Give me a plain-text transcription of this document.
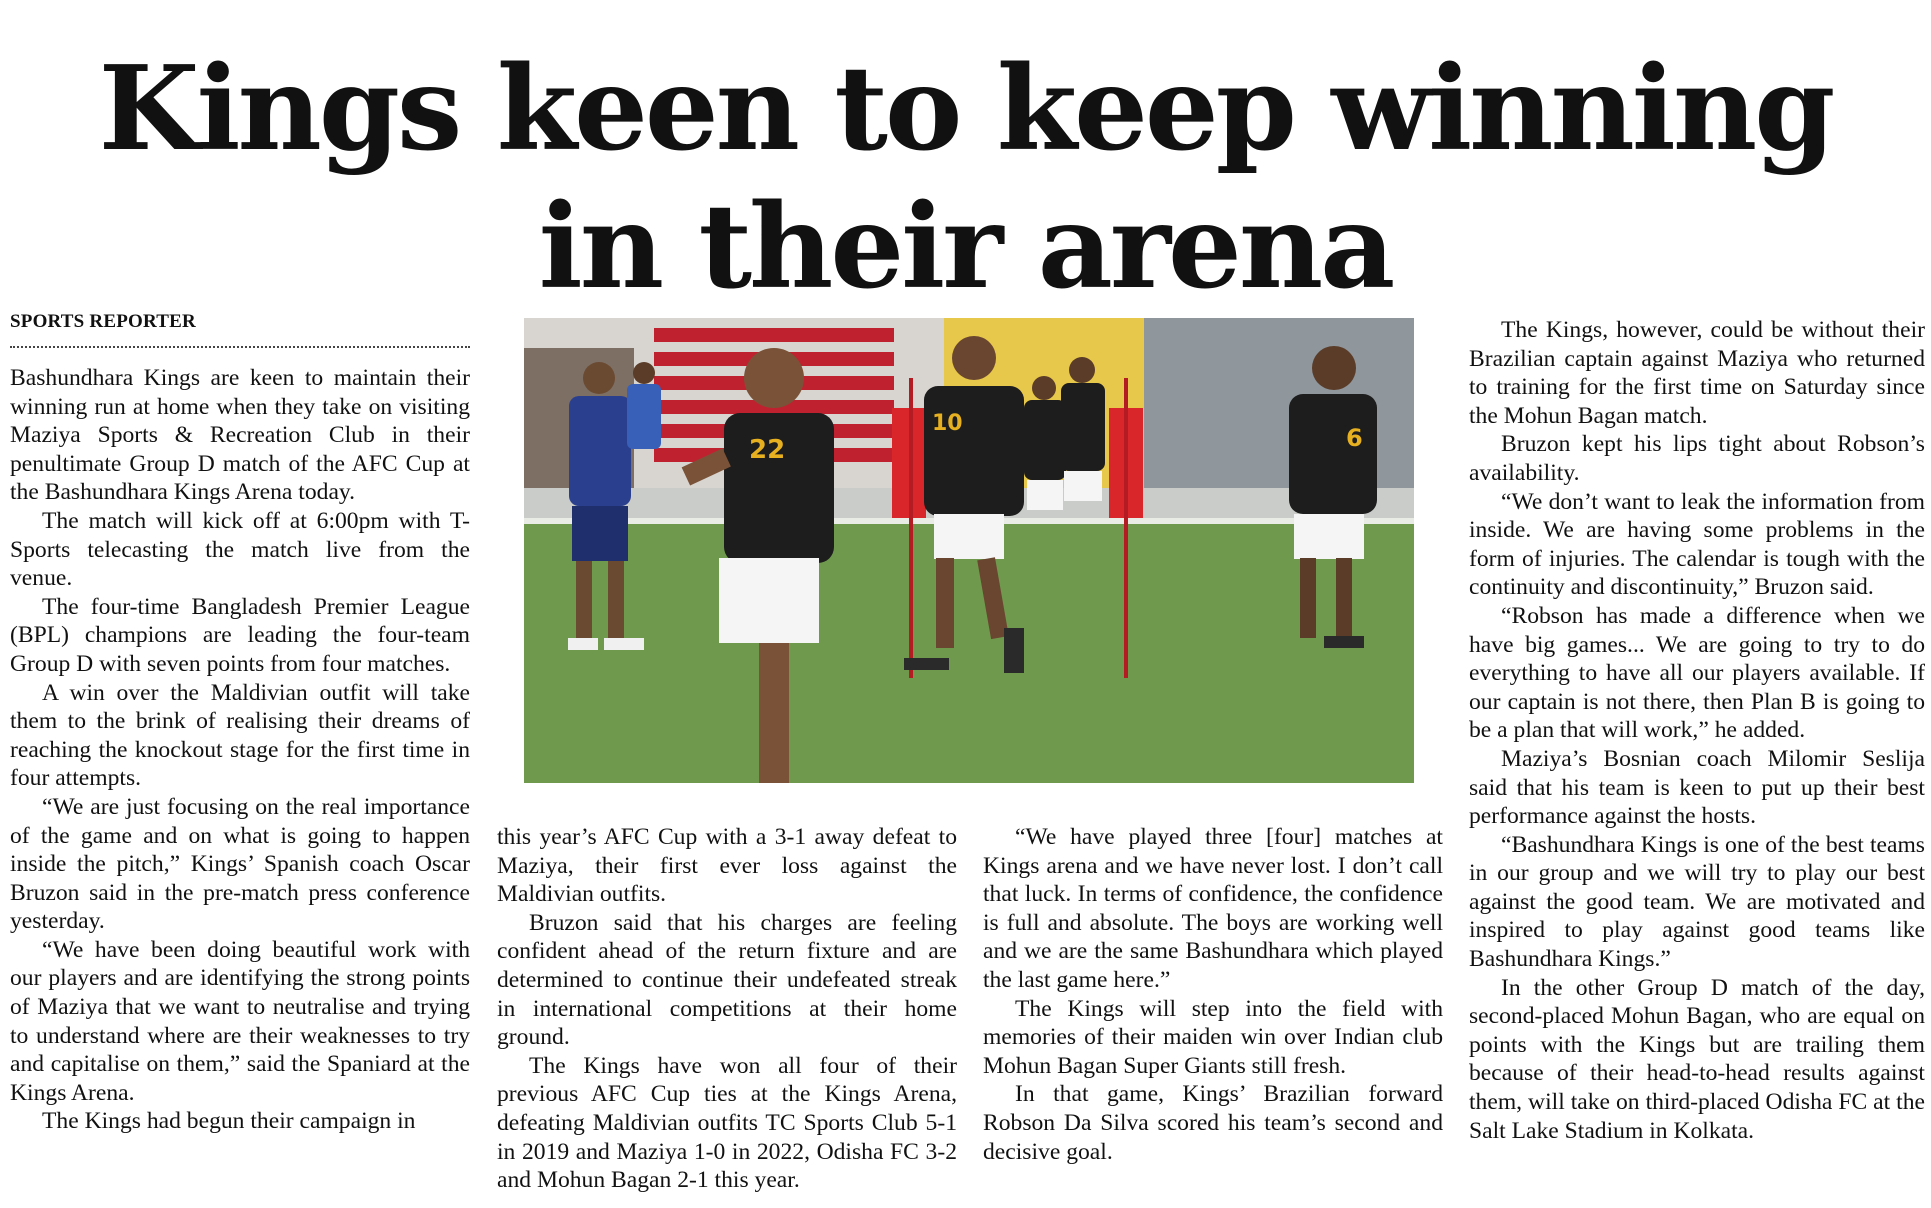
Kings keen to keep winning
in their arena
SPORTS REPORTER

Bashundhara Kings are keen to maintain their winning run at home when they take on visiting Maziya Sports & Recreation Club in their penultimate Group D match of the AFC Cup at the Bashundhara Kings Arena today.

The match will kick off at 6:00pm with T-Sports telecasting the match live from the venue.

The four-time Bangladesh Premier League (BPL) champions are leading the four-team Group D with seven points from four matches.

A win over the Maldivian outfit will take them to the brink of realising their dreams of reaching the knockout stage for the first time in four attempts.

“We are just focusing on the real importance of the game and on what is going to happen inside the pitch,” Kings’ Spanish coach Oscar Bruzon said in the pre-match press conference yesterday.

“We have been doing beautiful work with our players and are identifying the strong points of Maziya that we want to neutralise and trying to understand where are their weaknesses to try and capitalise on them,” said the Spaniard at the Kings Arena.

The Kings had begun their campaign in

22
10
6

this year’s AFC Cup with a 3-1 away defeat to Maziya, their first ever loss against the Maldivian outfits.

Bruzon said that his charges are feeling confident ahead of the return fixture and are determined to continue their undefeated streak in international competitions at their home ground.

The Kings have won all four of their previous AFC Cup ties at the Kings Arena, defeating Maldivian outfits TC Sports Club 5-1 in 2019 and Maziya 1-0 in 2022, Odisha FC 3-2 and Mohun Bagan 2-1 this year.

“We have played three [four] matches at Kings arena and we have never lost. I don’t call that luck. In terms of confidence, the confidence is full and absolute. The boys are working well and we are the same Bashundhara which played the last game here.”

The Kings will step into the field with memories of their maiden win over Indian club Mohun Bagan Super Giants still fresh.

In that game, Kings’ Brazilian forward Robson Da Silva scored his team’s second and decisive goal.

The Kings, however, could be without their Brazilian captain against Maziya who returned to training for the first time on Saturday since the Mohun Bagan match.

Bruzon kept his lips tight about Robson’s availability.

“We don’t want to leak the information from inside. We are having some problems in the form of injuries. The calendar is tough with the continuity and discontinuity,” Bruzon said.

“Robson has made a difference when we have big games... We are going to try to do everything to have all our players available. If our captain is not there, then Plan B is going to be a plan that will work,” he added.

Maziya’s Bosnian coach Milomir Seslija said that his team is keen to put up their best performance against the hosts.

“Bashundhara Kings is one of the best teams in our group and we will try to play our best against the good team. We are motivated and inspired to play against good teams like Bashundhara Kings.”

In the other Group D match of the day, second-placed Mohun Bagan, who are equal on points with the Kings but are trailing them because of their head-to-head results against them, will take on third-placed Odisha FC at the Salt Lake Stadium in Kolkata.
